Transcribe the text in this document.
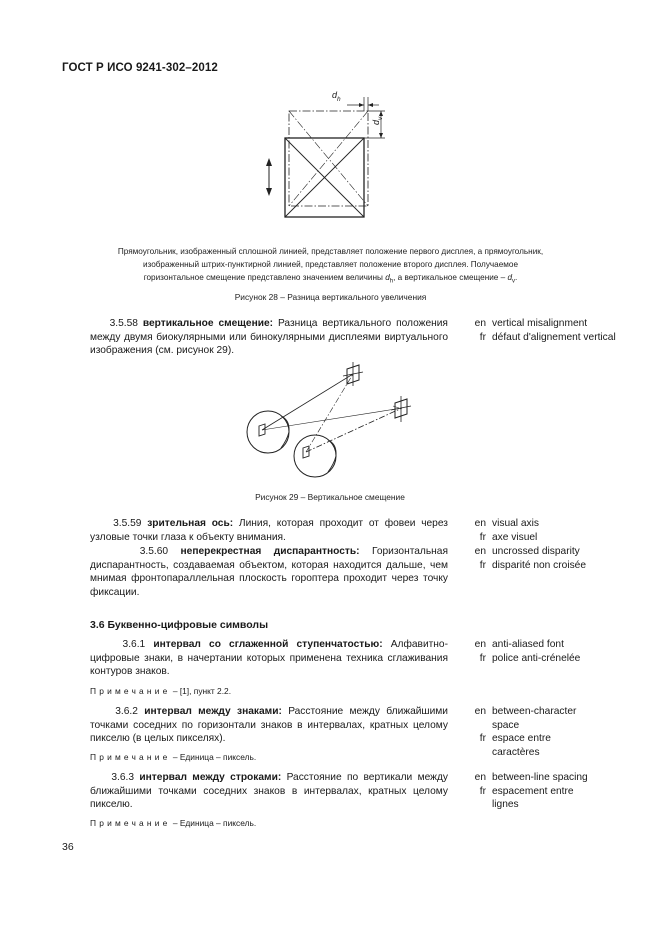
ГОСТ Р ИСО 9241-302–2012
$d_h$
$d_v$
Прямоугольник, изображенный сплошной линией, представляет положение первого дисплея, а прямоугольник,
изображенный штрих-пунктирной линией, представляет положение второго дисплея. Получаемое
горизонтальное смещение представлено значением величины $d_h$, а вертикальное смещение – $d_v$.
Рисунок 28 – Разница вертикального увеличения
3.5.58 вертикальное смещение: Разница вертикального положения между двумя биокулярными или бинокулярными дисплеями виртуального изображения (см. рисунок 29).
en vertical misalignment
fr défaut d'alignement vertical
Рисунок 29 – Вертикальное смещение
3.5.59 зрительная ось: Линия, которая проходит от фовеи через узловые точки глаза к объекту внимания.
en visual axis
fr axe visuel
3.5.60 неперекрестная диспарантность: Горизонтальная диспарантность, создаваемая объектом, которая находится дальше, чем мнимая фронтопараллельная плоскость гороптера проходит через точку фиксации.
en uncrossed disparity
fr disparité non croisée
3.6 Буквенно-цифровые символы
3.6.1 интервал со сглаженной ступенчатостью: Алфавитно-цифровые знаки, в начертании которых применена техника сглаживания контуров знаков.
en anti-aliased font
fr police anti-crénelée
Примечание – [1], пункт 2.2.
3.6.2 интервал между знаками: Расстояние между ближайшими точками соседних по горизонтали знаков в интервалах, кратных целому пикселю (в целых пикселях).
en between-character space
fr espace entre caractères
Примечание – Единица – пиксель.
3.6.3 интервал между строками: Расстояние по вертикали между ближайшими точками соседних знаков в интервалах, кратных целому пикселю.
en between-line spacing
fr espacement entre lignes
Примечание – Единица – пиксель.
36
